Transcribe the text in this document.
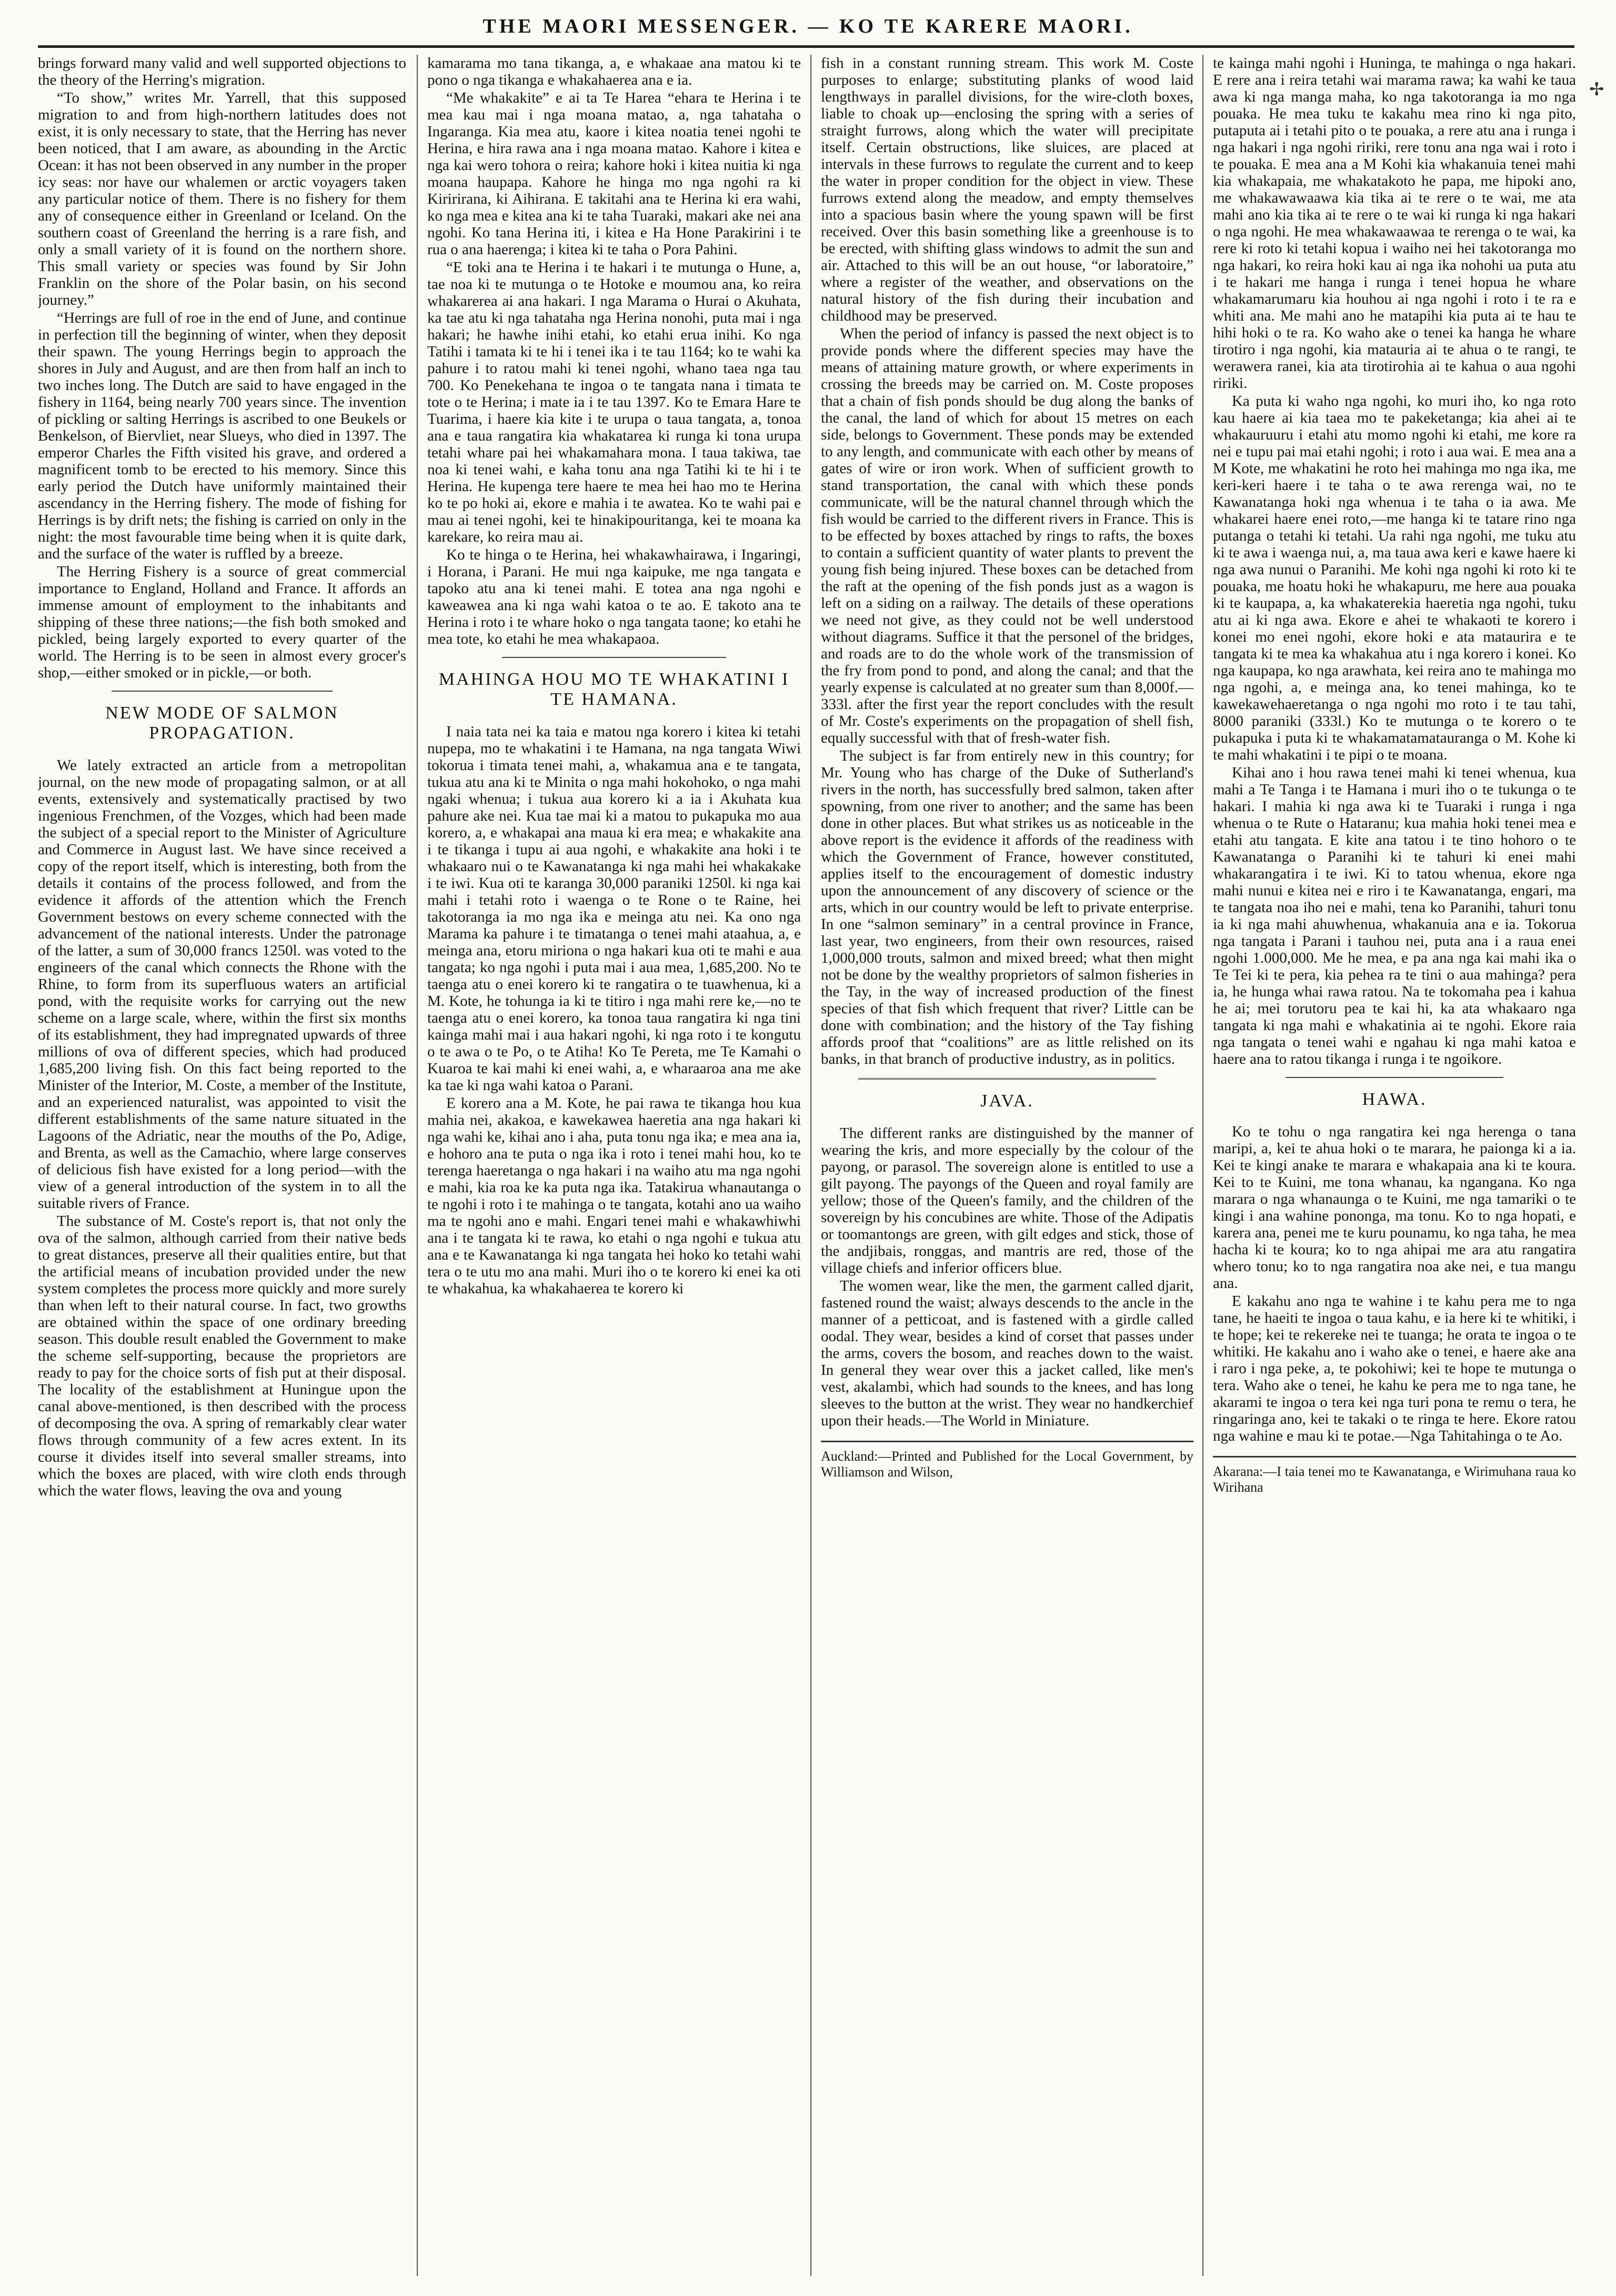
THE MAORI MESSENGER. — KO TE KARERE MAORI.

brings forward many valid and well supported objections to the theory of the Herring's migration.

“To show,” writes Mr. Yarrell, that this supposed migration to and from high-northern latitudes does not exist, it is only necessary to state, that the Herring has never been noticed, that I am aware, as abounding in the Arctic Ocean: it has not been observed in any number in the proper icy seas: nor have our whalemen or arctic voyagers taken any particular notice of them. There is no fishery for them any of consequence either in Greenland or Iceland. On the southern coast of Greenland the herring is a rare fish, and only a small variety of it is found on the northern shore. This small variety or species was found by Sir John Franklin on the shore of the Polar basin, on his second journey.”

“Herrings are full of roe in the end of June, and continue in perfection till the beginning of winter, when they deposit their spawn. The young Herrings begin to approach the shores in July and August, and are then from half an inch to two inches long. The Dutch are said to have engaged in the fishery in 1164, being nearly 700 years since. The invention of pickling or salting Herrings is ascribed to one Beukels or Benkelson, of Biervliet, near Slueys, who died in 1397. The emperor Charles the Fifth visited his grave, and ordered a magnificent tomb to be erected to his memory. Since this early period the Dutch have uniformly maintained their ascendancy in the Herring fishery. The mode of fishing for Herrings is by drift nets; the fishing is carried on only in the night: the most favourable time being when it is quite dark, and the surface of the water is ruffled by a breeze.

The Herring Fishery is a source of great commercial importance to England, Holland and France. It affords an immense amount of employment to the inhabitants and shipping of these three nations;—the fish both smoked and pickled, being largely exported to every quarter of the world. The Herring is to be seen in almost every grocer's shop,—either smoked or in pickle,—or both.

NEW MODE OF SALMON PROPAGATION.

We lately extracted an article from a metropolitan journal, on the new mode of propagating salmon, or at all events, extensively and systematically practised by two ingenious Frenchmen, of the Vozges, which had been made the subject of a special report to the Minister of Agriculture and Commerce in August last. We have since received a copy of the report itself, which is interesting, both from the details it contains of the process followed, and from the evidence it affords of the attention which the French Government bestows on every scheme connected with the advancement of the national interests. Under the patronage of the latter, a sum of 30,000 francs 1250l. was voted to the engineers of the canal which connects the Rhone with the Rhine, to form from its superfluous waters an artificial pond, with the requisite works for carrying out the new scheme on a large scale, where, within the first six months of its establishment, they had impregnated upwards of three millions of ova of different species, which had produced 1,685,200 living fish. On this fact being reported to the Minister of the Interior, M. Coste, a member of the Institute, and an experienced naturalist, was appointed to visit the different establishments of the same nature situated in the Lagoons of the Adriatic, near the mouths of the Po, Adige, and Brenta, as well as the Camachio, where large conserves of delicious fish have existed for a long period—with the view of a general introduction of the system in to all the suitable rivers of France.

The substance of M. Coste's report is, that not only the ova of the salmon, although carried from their native beds to great distances, preserve all their qualities entire, but that the artificial means of incubation provided under the new system completes the process more quickly and more surely than when left to their natural course. In fact, two growths are obtained within the space of one ordinary breeding season. This double result enabled the Government to make the scheme self-supporting, because the proprietors are ready to pay for the choice sorts of fish put at their disposal. The locality of the establishment at Huningue upon the canal above-mentioned, is then described with the process of decomposing the ova. A spring of remarkably clear water flows through community of a few acres extent. In its course it divides itself into several smaller streams, into which the boxes are placed, with wire cloth ends through which the water flows, leaving the ova and young

kamarama mo tana tikanga, a, e whakaae ana matou ki te pono o nga tikanga e whakahaerea ana e ia.

“Me whakakite” e ai ta Te Harea “ehara te Herina i te mea kau mai i nga moana matao, a, nga tahataha o Ingaranga. Kia mea atu, kaore i kitea noatia tenei ngohi te Herina, e hira rawa ana i nga moana matao. Kahore i kitea e nga kai wero tohora o reira; kahore hoki i kitea nuitia ki nga moana haupapa. Kahore he hinga mo nga ngohi ra ki Kiririrana, ki Aihirana. E takitahi ana te Herina ki era wahi, ko nga mea e kitea ana ki te taha Tuaraki, makari ake nei ana ngohi. Ko tana Herina iti, i kitea e Ha Hone Parakirini i te rua o ana haerenga; i kitea ki te taha o Pora Pahini.

“E toki ana te Herina i te hakari i te mutunga o Hune, a, tae noa ki te mutunga o te Hotoke e moumou ana, ko reira whakarerea ai ana hakari. I nga Marama o Hurai o Akuhata, ka tae atu ki nga tahataha nga Herina nonohi, puta mai i nga hakari; he hawhe inihi etahi, ko etahi erua inihi. Ko nga Tatihi i tamata ki te hi i tenei ika i te tau 1164; ko te wahi ka pahure i to ratou mahi ki tenei ngohi, whano taea nga tau 700. Ko Penekehana te ingoa o te tangata nana i timata te tote o te Herina; i mate ia i te tau 1397. Ko te Emara Hare te Tuarima, i haere kia kite i te urupa o taua tangata, a, tonoa ana e taua rangatira kia whakatarea ki runga ki tona urupa tetahi whare pai hei whakamahara mona. I taua takiwa, tae noa ki tenei wahi, e kaha tonu ana nga Tatihi ki te hi i te Herina. He kupenga tere haere te mea hei hao mo te Herina ko te po hoki ai, ekore e mahia i te awatea. Ko te wahi pai e mau ai tenei ngohi, kei te hinakipouritanga, kei te moana ka karekare, ko reira mau ai.

Ko te hinga o te Herina, hei whakawhairawa, i Ingaringi, i Horana, i Parani. He mui nga kaipuke, me nga tangata e tapoko atu ana ki tenei mahi. E totea ana nga ngohi e kaweawea ana ki nga wahi katoa o te ao. E takoto ana te Herina i roto i te whare hoko o nga tangata taone; ko etahi he mea tote, ko etahi he mea whakapaoa.

MAHINGA HOU MO TE WHAKATINI I TE HAMANA.

I naia tata nei ka taia e matou nga korero i kitea ki tetahi nupepa, mo te whakatini i te Hamana, na nga tangata Wiwi tokorua i timata tenei mahi, a, whakamua ana e te tangata, tukua atu ana ki te Minita o nga mahi hokohoko, o nga mahi ngaki whenua; i tukua aua korero ki a ia i Akuhata kua pahure ake nei. Kua tae mai ki a matou to pukapuka mo aua korero, a, e whakapai ana maua ki era mea; e whakakite ana i te tikanga i tupu ai aua ngohi, e whakakite ana hoki i te whakaaro nui o te Kawanatanga ki nga mahi hei whakakake i te iwi. Kua oti te karanga 30,000 paraniki 1250l. ki nga kai mahi i tetahi roto i waenga o te Rone o te Raine, hei takotoranga ia mo nga ika e meinga atu nei. Ka ono nga Marama ka pahure i te timatanga o tenei mahi ataahua, a, e meinga ana, etoru miriona o nga hakari kua oti te mahi e aua tangata; ko nga ngohi i puta mai i aua mea, 1,685,200. No te taenga atu o enei korero ki te rangatira o te tuawhenua, ki a M. Kote, he tohunga ia ki te titiro i nga mahi rere ke,—no te taenga atu o enei korero, ka tonoa taua rangatira ki nga tini kainga mahi mai i aua hakari ngohi, ki nga roto i te kongutu o te awa o te Po, o te Atiha! Ko Te Pereta, me Te Kamahi o Kuaroa te kai mahi ki enei wahi, a, e wharaaroa ana me ake ka tae ki nga wahi katoa o Parani.

E korero ana a M. Kote, he pai rawa te tikanga hou kua mahia nei, akakoa, e kawekawea haeretia ana nga hakari ki nga wahi ke, kihai ano i aha, puta tonu nga ika; e mea ana ia, e hohoro ana te puta o nga ika i roto i tenei mahi hou, ko te terenga haeretanga o nga hakari i na waiho atu ma nga ngohi e mahi, kia roa ke ka puta nga ika. Tatakirua whanautanga o te ngohi i roto i te mahinga o te tangata, kotahi ano ua waiho ma te ngohi ano e mahi. Engari tenei mahi e whakawhiwhi ana i te tangata ki te rawa, ko etahi o nga ngohi e tukua atu ana e te Kawanatanga ki nga tangata hei hoko ko tetahi wahi tera o te utu mo ana mahi. Muri iho o te korero ki enei ka oti te whakahua, ka whakahaerea te korero ki

fish in a constant running stream. This work M. Coste purposes to enlarge; substituting planks of wood laid lengthways in parallel divisions, for the wire-cloth boxes, liable to choak up—enclosing the spring with a series of straight furrows, along which the water will precipitate itself. Certain obstructions, like sluices, are placed at intervals in these furrows to regulate the current and to keep the water in proper condition for the object in view. These furrows extend along the meadow, and empty themselves into a spacious basin where the young spawn will be first received. Over this basin something like a greenhouse is to be erected, with shifting glass windows to admit the sun and air. Attached to this will be an out house, “or laboratoire,” where a register of the weather, and observations on the natural history of the fish during their incubation and childhood may be preserved.

When the period of infancy is passed the next object is to provide ponds where the different species may have the means of attaining mature growth, or where experiments in crossing the breeds may be carried on. M. Coste proposes that a chain of fish ponds should be dug along the banks of the canal, the land of which for about 15 metres on each side, belongs to Government. These ponds may be extended to any length, and communicate with each other by means of gates of wire or iron work. When of sufficient growth to stand transportation, the canal with which these ponds communicate, will be the natural channel through which the fish would be carried to the different rivers in France. This is to be effected by boxes attached by rings to rafts, the boxes to contain a sufficient quantity of water plants to prevent the young fish being injured. These boxes can be detached from the raft at the opening of the fish ponds just as a wagon is left on a siding on a railway. The details of these operations we need not give, as they could not be well understood without diagrams. Suffice it that the personel of the bridges, and roads are to do the whole work of the transmission of the fry from pond to pond, and along the canal; and that the yearly expense is calculated at no greater sum than 8,000f.—333l. after the first year the report concludes with the result of Mr. Coste's experiments on the propagation of shell fish, equally successful with that of fresh-water fish.

The subject is far from entirely new in this country; for Mr. Young who has charge of the Duke of Sutherland's rivers in the north, has successfully bred salmon, taken after spowning, from one river to another; and the same has been done in other places. But what strikes us as noticeable in the above report is the evidence it affords of the readiness with which the Government of France, however constituted, applies itself to the encouragement of domestic industry upon the announcement of any discovery of science or the arts, which in our country would be left to private enterprise. In one “salmon seminary” in a central province in France, last year, two engineers, from their own resources, raised 1,000,000 trouts, salmon and mixed breed; what then might not be done by the wealthy proprietors of salmon fisheries in the Tay, in the way of increased production of the finest species of that fish which frequent that river? Little can be done with combination; and the history of the Tay fishing affords proof that “coalitions” are as little relished on its banks, in that branch of productive industry, as in politics.

JAVA.

The different ranks are distinguished by the manner of wearing the kris, and more especially by the colour of the payong, or parasol. The sovereign alone is entitled to use a gilt payong. The payongs of the Queen and royal family are yellow; those of the Queen's family, and the children of the sovereign by his concubines are white. Those of the Adipatis or toomantongs are green, with gilt edges and stick, those of the andjibais, ronggas, and mantris are red, those of the village chiefs and inferior officers blue.

The women wear, like the men, the garment called djarit, fastened round the waist; always descends to the ancle in the manner of a petticoat, and is fastened with a girdle called oodal. They wear, besides a kind of corset that passes under the arms, covers the bosom, and reaches down to the waist. In general they wear over this a jacket called, like men's vest, akalambi, which had sounds to the knees, and has long sleeves to the button at the wrist. They wear no handkerchief upon their heads.—The World in Miniature.

Auckland:—Printed and Published for the Local Government, by Williamson and Wilson,

te kainga mahi ngohi i Huninga, te mahinga o nga hakari. E rere ana i reira tetahi wai marama rawa; ka wahi ke taua awa ki nga manga maha, ko nga takotoranga ia mo nga pouaka. He mea tuku te kakahu mea rino ki nga pito, putaputa ai i tetahi pito o te pouaka, a rere atu ana i runga i nga hakari i nga ngohi ririki, rere tonu ana nga wai i roto i te pouaka. E mea ana a M Kohi kia whakanuia tenei mahi kia whakapaia, me whakatakoto he papa, me hipoki ano, me whakawawaawa kia tika ai te rere o te wai, me ata mahi ano kia tika ai te rere o te wai ki runga ki nga hakari o nga ngohi. He mea whakawaawaa te rerenga o te wai, ka rere ki roto ki tetahi kopua i waiho nei hei takotoranga mo nga hakari, ko reira hoki kau ai nga ika nohohi ua puta atu i te hakari me hanga i runga i tenei hopua he whare whakamarumaru kia houhou ai nga ngohi i roto i te ra e whiti ana. Me mahi ano he matapihi kia puta ai te hau te hihi hoki o te ra. Ko waho ake o tenei ka hanga he whare tirotiro i nga ngohi, kia matauria ai te ahua o te rangi, te werawera ranei, kia ata tirotirohia ai te kahua o aua ngohi ririki.

Ka puta ki waho nga ngohi, ko muri iho, ko nga roto kau haere ai kia taea mo te pakeketanga; kia ahei ai te whakauruuru i etahi atu momo ngohi ki etahi, me kore ra nei e tupu pai mai etahi ngohi; i roto i aua wai. E mea ana a M Kote, me whakatini he roto hei mahinga mo nga ika, me keri-keri haere i te taha o te awa rerenga wai, no te Kawanatanga hoki nga whenua i te taha o ia awa. Me whakarei haere enei roto,—me hanga ki te tatare rino nga putanga o tetahi ki tetahi. Ua rahi nga ngohi, me tuku atu ki te awa i waenga nui, a, ma taua awa keri e kawe haere ki nga awa nunui o Paranihi. Me kohi nga ngohi ki roto ki te pouaka, me hoatu hoki he whakapuru, me here aua pouaka ki te kaupapa, a, ka whakaterekia haeretia nga ngohi, tuku atu ai ki nga awa. Ekore e ahei te whakaoti te korero i konei mo enei ngohi, ekore hoki e ata mataurira e te tangata ki te mea ka whakahua atu i nga korero i konei. Ko nga kaupapa, ko nga arawhata, kei reira ano te mahinga mo nga ngohi, a, e meinga ana, ko tenei mahinga, ko te kawekawehaeretanga o nga ngohi mo roto i te tau tahi, 8000 paraniki (333l.) Ko te mutunga o te korero o te pukapuka i puta ki te whakamatamatauranga o M. Kohe ki te mahi whakatini i te pipi o te moana.

Kihai ano i hou rawa tenei mahi ki tenei whenua, kua mahi a Te Tanga i te Hamana i muri iho o te tukunga o te hakari. I mahia ki nga awa ki te Tuaraki i runga i nga whenua o te Rute o Hataranu; kua mahia hoki tenei mea e etahi atu tangata. E kite ana tatou i te tino hohoro o te Kawanatanga o Paranihi ki te tahuri ki enei mahi whakarangatira i te iwi. Ki to tatou whenua, ekore nga mahi nunui e kitea nei e riro i te Kawanatanga, engari, ma te tangata noa iho nei e mahi, tena ko Paranihi, tahuri tonu ia ki nga mahi ahuwhenua, whakanuia ana e ia. Tokorua nga tangata i Parani i tauhou nei, puta ana i a raua enei ngohi 1.000,000. Me he mea, e pa ana nga kai mahi ika o Te Tei ki te pera, kia pehea ra te tini o aua mahinga? pera ia, he hunga whai rawa ratou. Na te tokomaha pea i kahua he ai; mei torutoru pea te kai hi, ka ata whakaaro nga tangata ki nga mahi e whakatinia ai te ngohi. Ekore raia nga tangata o tenei wahi e ngahau ki nga mahi katoa e haere ana to ratou tikanga i runga i te ngoikore.

HAWA.

Ko te tohu o nga rangatira kei nga herenga o tana maripi, a, kei te ahua hoki o te marara, he paionga ki a ia. Kei te kingi anake te marara e whakapaia ana ki te koura. Kei to te Kuini, me tona whanau, ka ngangana. Ko nga marara o nga whanaunga o te Kuini, me nga tamariki o te kingi i ana wahine pononga, ma tonu. Ko to nga hopati, e karera ana, penei me te kuru pounamu, ko nga taha, he mea hacha ki te koura; ko to nga ahipai me ara atu rangatira whero tonu; ko to nga rangatira noa ake nei, e tua mangu ana.

E kakahu ano nga te wahine i te kahu pera me to nga tane, he haeiti te ingoa o taua kahu, e ia here ki te whitiki, i te hope; kei te rekereke nei te tuanga; he orata te ingoa o te whitiki. He kakahu ano i waho ake o tenei, e haere ake ana i raro i nga peke, a, te pokohiwi; kei te hope te mutunga o tera. Waho ake o tenei, he kahu ke pera me to nga tane, he akarami te ingoa o tera kei nga turi pona te remu o tera, he ringaringa ano, kei te takaki o te ringa te here. Ekore ratou nga wahine e mau ki te potae.—Nga Tahitahinga o te Ao.

Akarana:—I taia tenei mo te Kawanatanga, e Wirimuhana raua ko Wirihana
✢
